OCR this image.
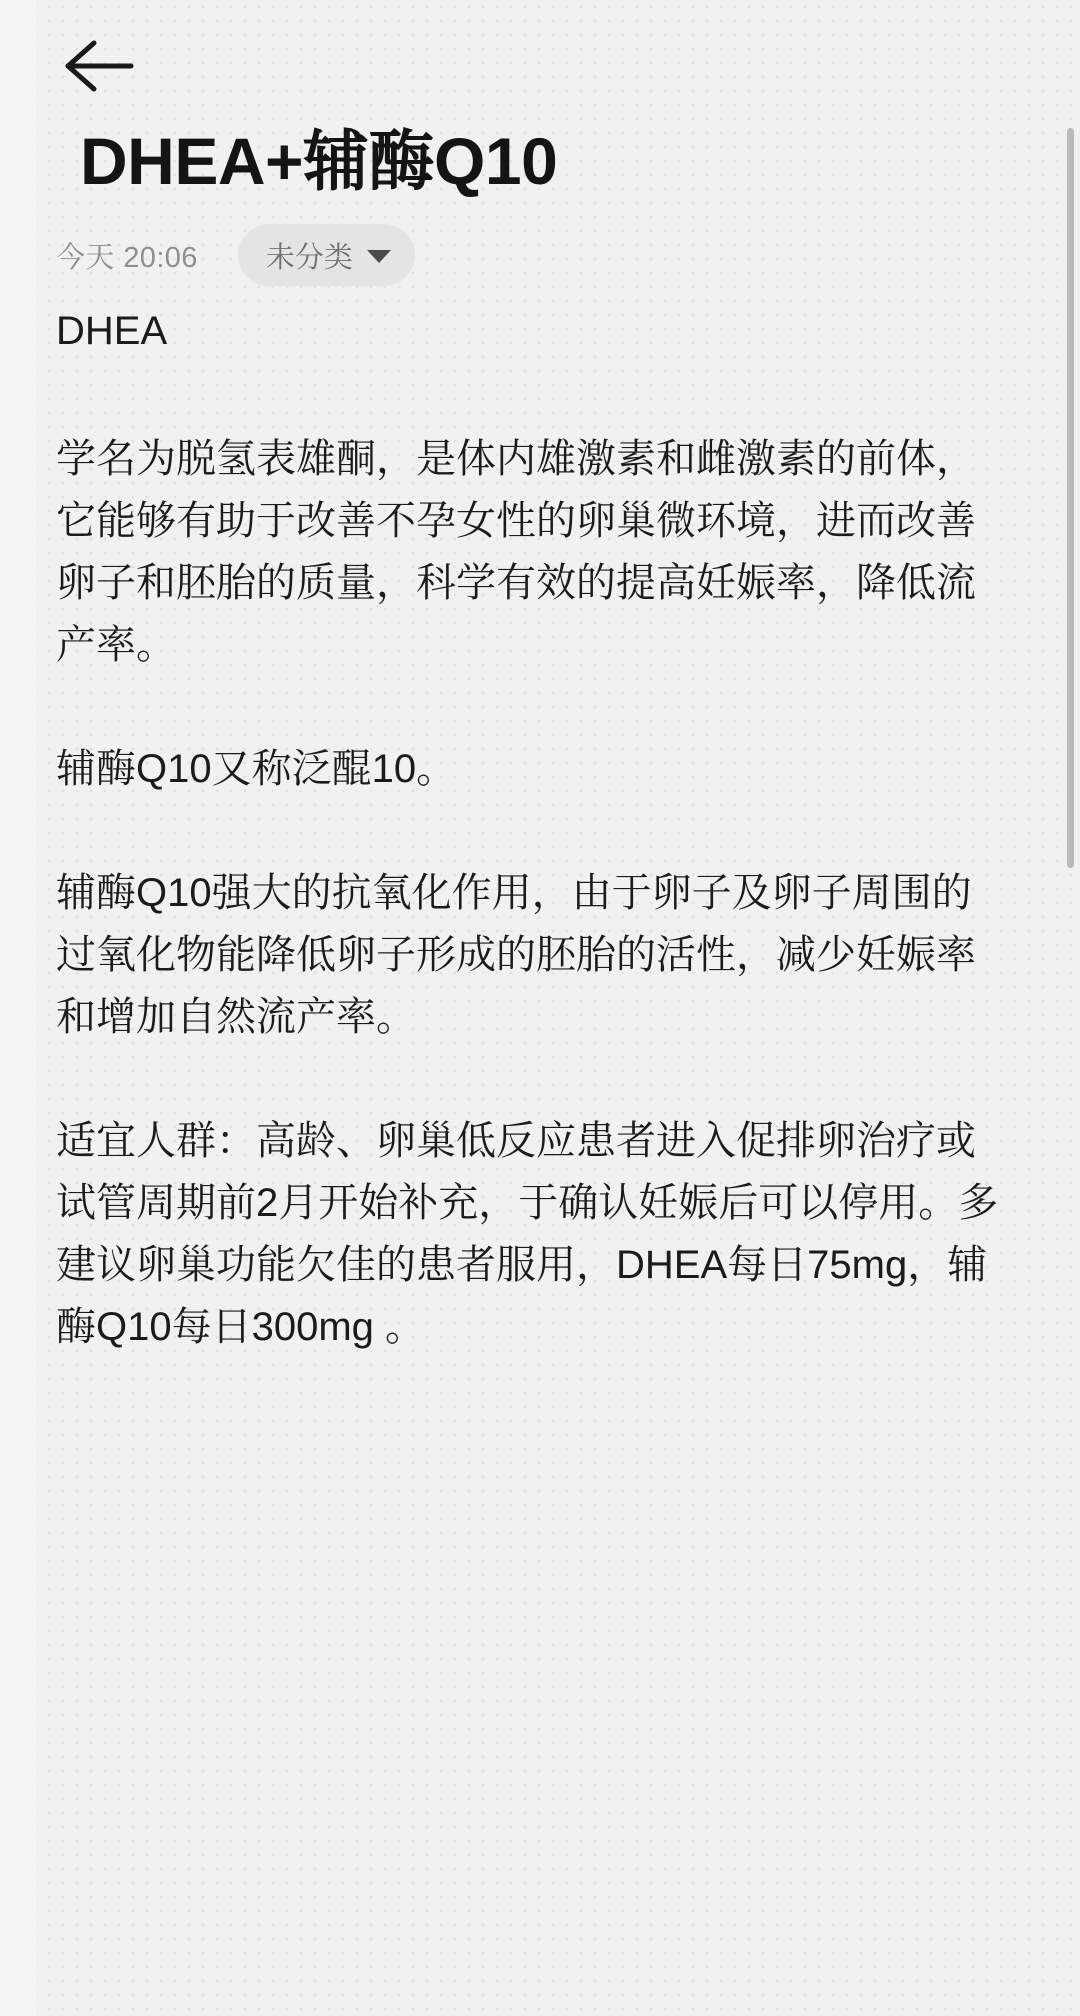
DHEA+辅酶Q10
今天 20:06	未分类

DHEA

学名为脱氢表雄酮，是体内雄激素和雌激素的前体，它能够有助于改善不孕女性的卵巢微环境，进而改善卵子和胚胎的质量，科学有效的提高妊娠率，降低流产率。

辅酶Q10又称泛醌10。

辅酶Q10强大的抗氧化作用，由于卵子及卵子周围的过氧化物能降低卵子形成的胚胎的活性，减少妊娠率和增加自然流产率。

适宜人群：高龄、卵巢低反应患者进入促排卵治疗或试管周期前2月开始补充，于确认妊娠后可以停用。多建议卵巢功能欠佳的患者服用，DHEA每日75mg，辅酶Q10每日300mg 。
